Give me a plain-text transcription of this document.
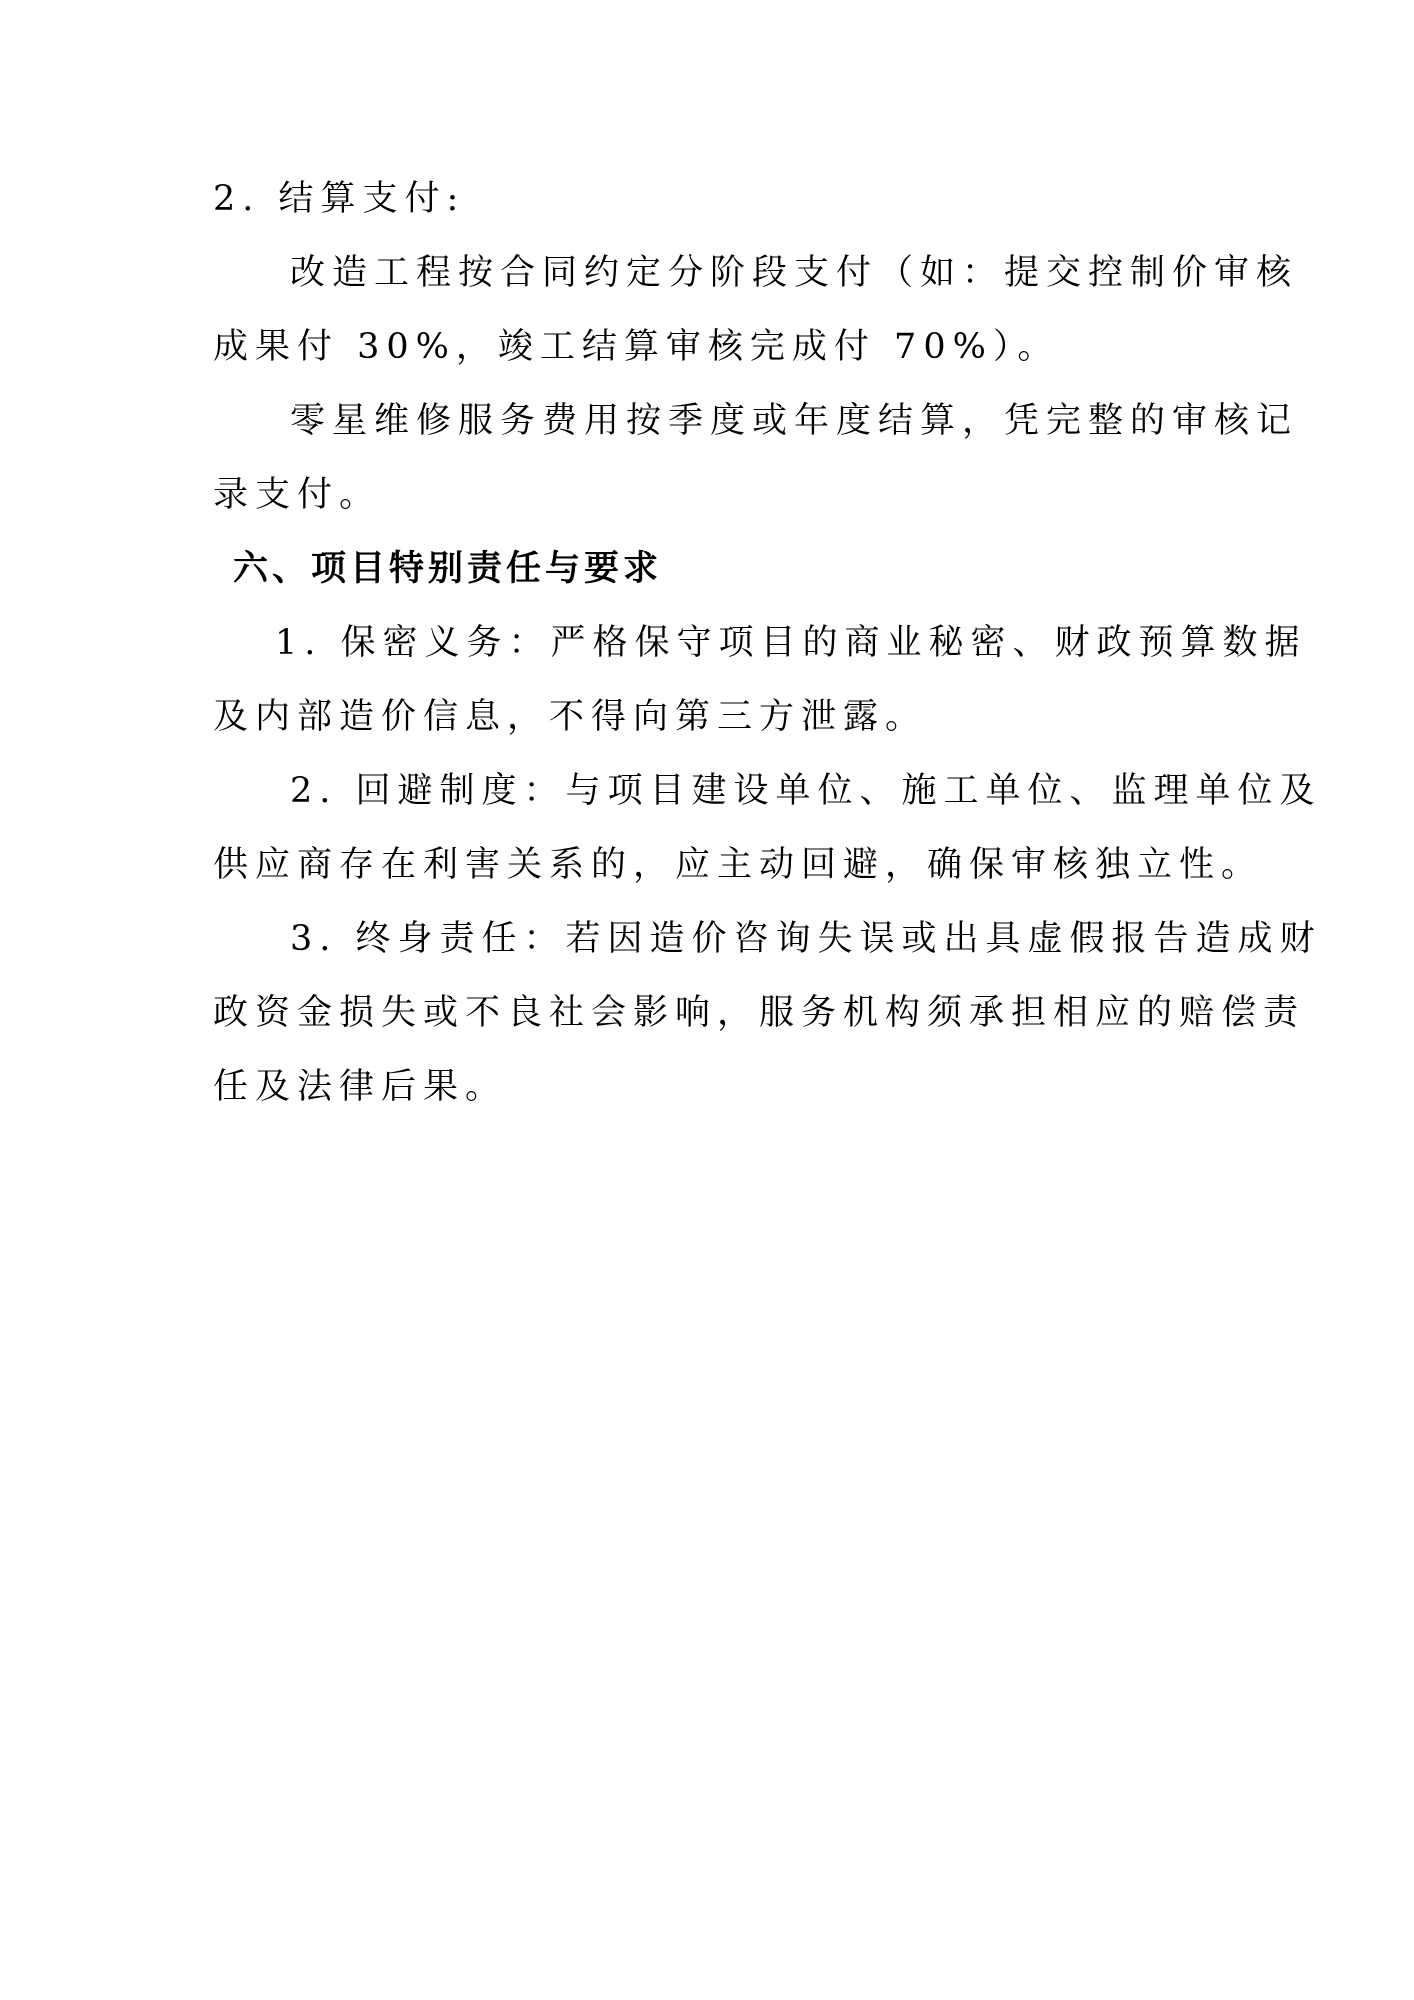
2. 结算支付:

改造工程按合同约定分阶段支付（如：提交控制价审核

成果付 30%，竣工结算审核完成付 70%）。

零星维修服务费用按季度或年度结算，凭完整的审核记

录支付。

六、项目特别责任与要求

1. 保密义务：严格保守项目的商业秘密、财政预算数据

及内部造价信息，不得向第三方泄露。

2. 回避制度：与项目建设单位、施工单位、监理单位及

供应商存在利害关系的，应主动回避，确保审核独立性。

3. 终身责任：若因造价咨询失误或出具虚假报告造成财

政资金损失或不良社会影响，服务机构须承担相应的赔偿责

任及法律后果。
